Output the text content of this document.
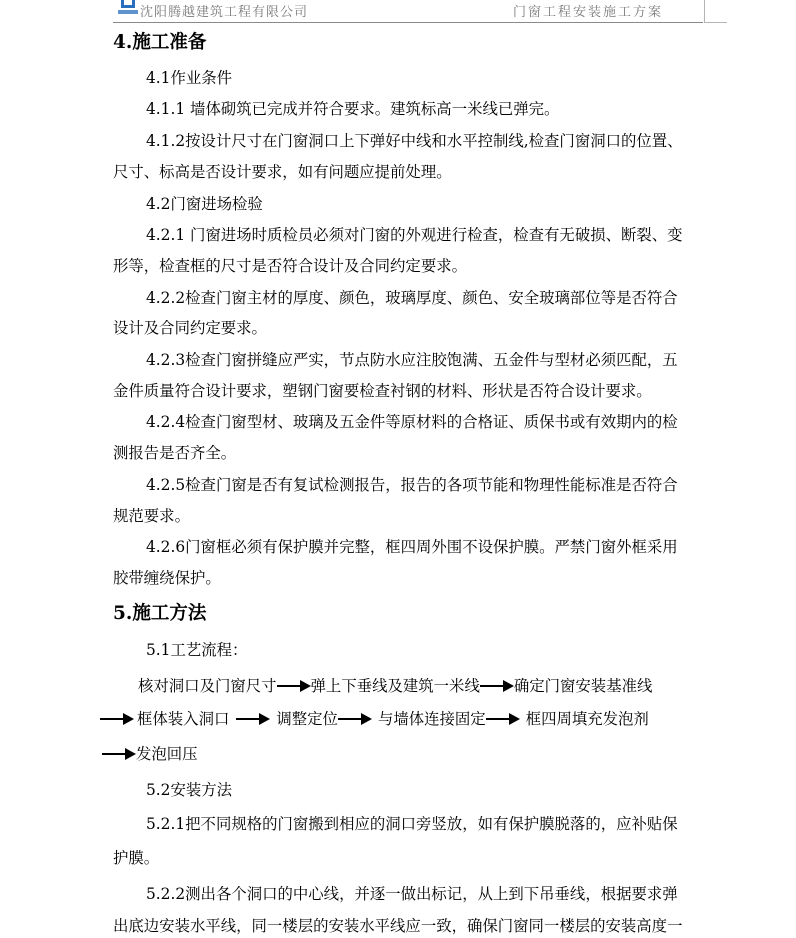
沈阳腾越建筑工程有限公司	门窗工程安装施工方案
4.施工准备
4.1作业条件
4.1.1 墙体砌筑已完成并符合要求。建筑标高一米线已弹完。
4.1.2按设计尺寸在门窗洞口上下弹好中线和水平控制线,检查门窗洞口的位置、
尺寸、标高是否设计要求，如有问题应提前处理。
4.2门窗进场检验
4.2.1 门窗进场时质检员必须对门窗的外观进行检查，检查有无破损、断裂、变
形等，检查框的尺寸是否符合设计及合同约定要求。
4.2.2检查门窗主材的厚度、颜色，玻璃厚度、颜色、安全玻璃部位等是否符合
设计及合同约定要求。
4.2.3检查门窗拼缝应严实，节点防水应注胶饱满、五金件与型材必须匹配，五
金件质量符合设计要求，塑钢门窗要检查衬钢的材料、形状是否符合设计要求。
4.2.4检查门窗型材、玻璃及五金件等原材料的合格证、质保书或有效期内的检
测报告是否齐全。
4.2.5检查门窗是否有复试检测报告，报告的各项节能和物理性能标准是否符合
规范要求。
4.2.6门窗框必须有保护膜并完整，框四周外围不设保护膜。严禁门窗外框采用
胶带缠绕保护。
5.施工方法
5.1工艺流程：
核对洞口及门窗尺寸 弹上下垂线及建筑一米线 确定门窗安装基准线
框体装入洞口	调整定位	与墙体连接固定	框四周填充发泡剂
发泡回压
5.2安装方法
5.2.1把不同规格的门窗搬到相应的洞口旁竖放，如有保护膜脱落的，应补贴保
护膜。
5.2.2测出各个洞口的中心线，并逐一做出标记，从上到下吊垂线，根据要求弹
出底边安装水平线，同一楼层的安装水平线应一致，确保门窗同一楼层的安装高度一
